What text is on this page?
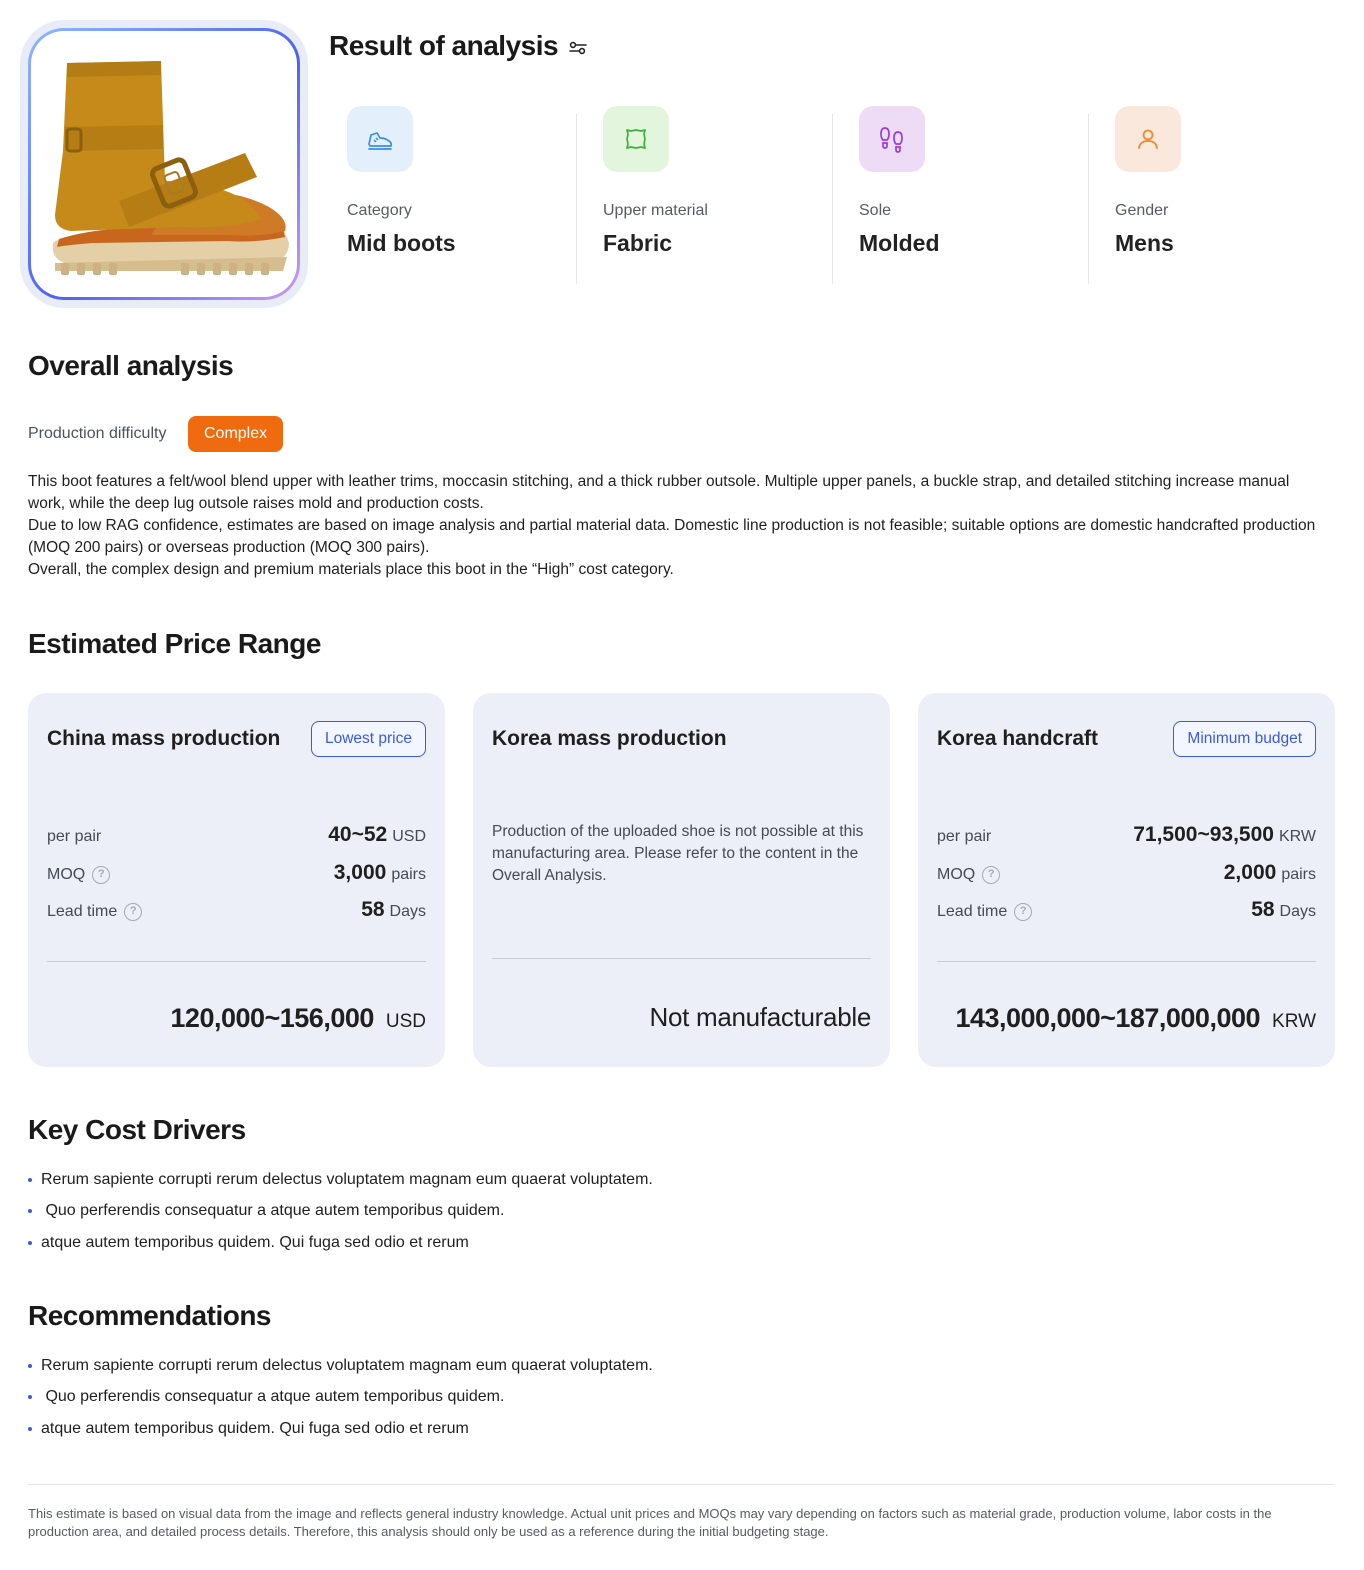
Result of analysis
Category
Mid boots
Upper material
Fabric
Sole
Molded
Gender
Mens
Overall analysis
Production difficulty	Complex

This boot features a felt/wool blend upper with leather trims, moccasin stitching, and a thick rubber outsole. Multiple upper panels, a buckle strap, and detailed stitching increase manual work, while the deep lug outsole raises mold and production costs.

Due to low RAG confidence, estimates are based on image analysis and partial material data. Domestic line production is not feasible; suitable options are domestic handcrafted production (MOQ 200 pairs) or overseas production (MOQ 300 pairs).

Overall, the complex design and premium materials place this boot in the “High” cost category.

Estimated Price Range
China mass production	Lowest price
per pair	40~52 USD
MOQ	?	3,000 pairs
Lead time	?	58 Days
120,000~156,000 USD
Korea mass production
Production of the uploaded shoe is not possible at this manufacturing area. Please refer to the content in the Overall Analysis.
Not manufacturable
Korea handcraft	Minimum budget
per pair	71,500~93,500 KRW
MOQ	?	2,000 pairs
Lead time	?	58 Days
143,000,000~187,000,000 KRW
Key Cost Drivers
Rerum sapiente corrupti rerum delectus voluptatem magnam eum quaerat voluptatem.
Quo perferendis consequatur a atque autem temporibus quidem.
atque autem temporibus quidem. Qui fuga sed odio et rerum
Recommendations
Rerum sapiente corrupti rerum delectus voluptatem magnam eum quaerat voluptatem.
Quo perferendis consequatur a atque autem temporibus quidem.
atque autem temporibus quidem. Qui fuga sed odio et rerum
This estimate is based on visual data from the image and reflects general industry knowledge. Actual unit prices and MOQs may vary depending on factors such as material grade, production volume, labor costs in the production area, and detailed process details. Therefore, this analysis should only be used as a reference during the initial budgeting stage.
